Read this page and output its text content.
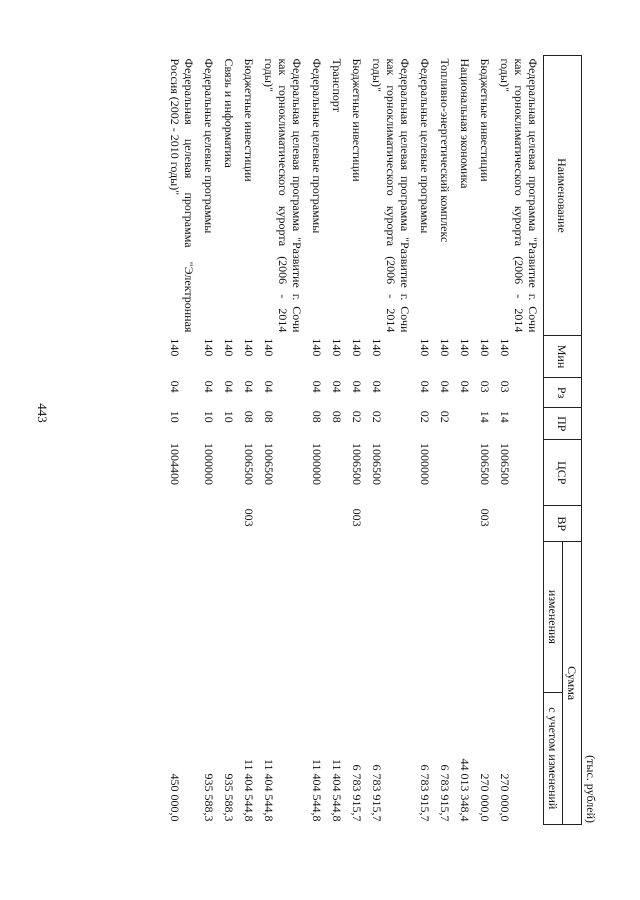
443
(тыс. рублей)
Наименование	Мин	Рз	ПР	ЦСР	ВР	Сумма	
						изменения	с учетом изменений
Федеральная целевая программа "Развитие г. Сочи как горноклиматического курорта (2006 - 2014 годы)"	140	03	14	1006500			270 000,0
Бюджетные инвестиции	140	03	14	1006500	003		270 000,0
Национальная экономика	140	04					44 013 348,4
Топливно-энергетический комплекс	140	04	02				6 783 915,7
Федеральные целевые программы	140	04	02	1000000			6 783 915,7
Федеральная целевая программа "Развитие г. Сочи как горноклиматического курорта (2006 - 2014 годы)"	140	04	02	1006500			6 783 915,7
Бюджетные инвестиции	140	04	02	1006500	003		6 783 915,7
Транспорт	140	04	08				11 404 544,8
Федеральные целевые программы	140	04	08	1000000			11 404 544,8
Федеральная целевая программа "Развитие г. Сочи как горноклиматического курорта (2006 - 2014 годы)"	140	04	08	1006500			11 404 544,8
Бюджетные инвестиции	140	04	08	1006500	003		11 404 544,8
Связь и информатика	140	04	10				935 588,3
Федеральные целевые программы	140	04	10	1000000			935 588,3
Федеральная целевая программа "Электронная Россия (2002 - 2010 годы)"	140	04	10	1004400			450 000,0
